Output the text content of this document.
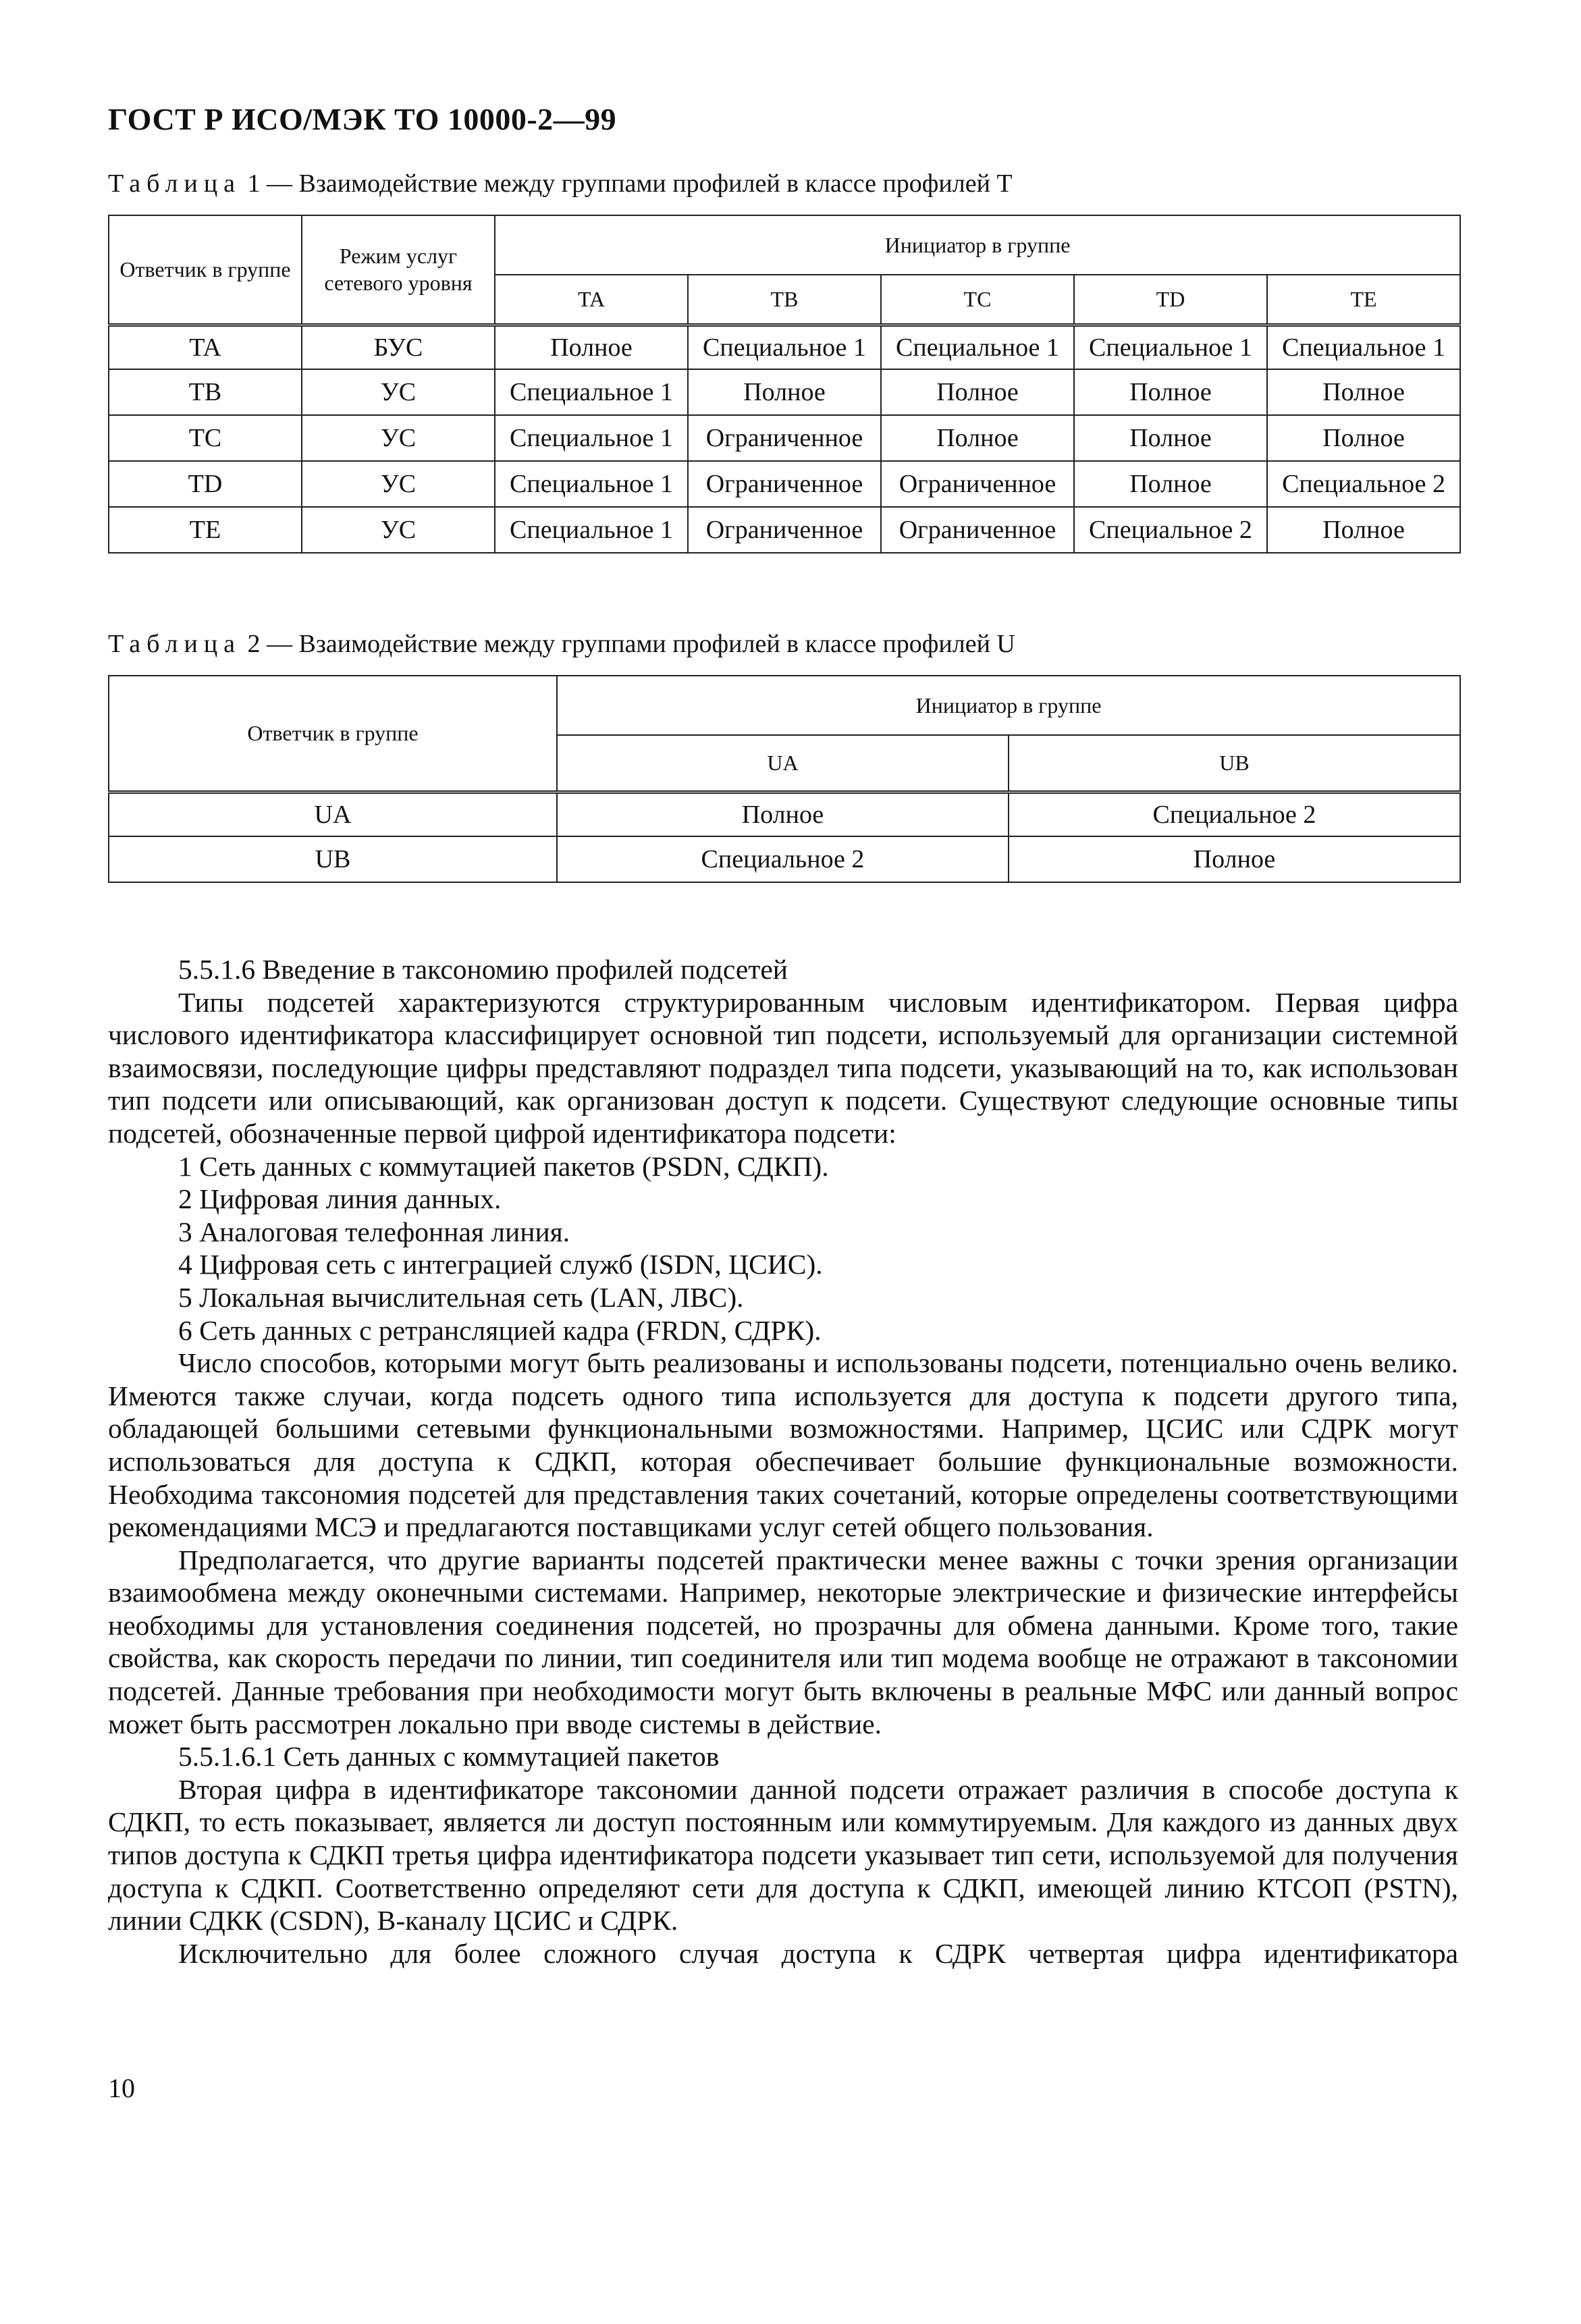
ГОСТ Р ИСО/МЭК ТО 10000-2—99
Таблица 1 — Взаимодействие между группами профилей в классе профилей T
Ответчик в группе	Режим услуг сетевого уровня	Инициатор в группе				
		TA	TB	TC	TD	TE
TA	БУС	Полное	Специальное 1	Специальное 1	Специальное 1	Специальное 1
TB	УС	Специальное 1	Полное	Полное	Полное	Полное
TC	УС	Специальное 1	Ограниченное	Полное	Полное	Полное
TD	УС	Специальное 1	Ограниченное	Ограниченное	Полное	Специальное 2
TE	УС	Специальное 1	Ограниченное	Ограниченное	Специальное 2	Полное
Таблица 2 — Взаимодействие между группами профилей в классе профилей U
Ответчик в группе	Инициатор в группе	
	UA	UB
UA	Полное	Специальное 2
UB	Специальное 2	Полное
5.5.1.6 Введение в таксономию профилей подсетей

Типы подсетей характеризуются структурированным числовым идентификатором. Первая цифра числового идентификатора классифицирует основной тип подсети, используемый для организации системной взаимосвязи, последующие цифры представляют подраздел типа подсети, указывающий на то, как использован тип подсети или описывающий, как организован доступ к подсети. Существуют следующие основные типы подсетей, обозначенные первой цифрой идентификатора подсети:

1 Сеть данных с коммутацией пакетов (PSDN, СДКП).
2 Цифровая линия данных.
3 Аналоговая телефонная линия.
4 Цифровая сеть с интеграцией служб (ISDN, ЦСИС).
5 Локальная вычислительная сеть (LAN, ЛВС).
6 Сеть данных с ретрансляцией кадра (FRDN, СДРК).

Число способов, которыми могут быть реализованы и использованы подсети, потенциально очень велико. Имеются также случаи, когда подсеть одного типа используется для доступа к подсети другого типа, обладающей большими сетевыми функциональными возможностями. Например, ЦСИС или СДРК могут использоваться для доступа к СДКП, которая обеспечивает большие функциональные возможности. Необходима таксономия подсетей для представления таких сочетаний, которые определены соответствующими рекомендациями МСЭ и предлагаются поставщиками услуг сетей общего пользования.

Предполагается, что другие варианты подсетей практически менее важны с точки зрения организации взаимообмена между оконечными системами. Например, некоторые электрические и физические интерфейсы необходимы для установления соединения подсетей, но прозрачны для обмена данными. Кроме того, такие свойства, как скорость передачи по линии, тип соединителя или тип модема вообще не отражают в таксономии подсетей. Данные требования при необходимости могут быть включены в реальные МФС или данный вопрос может быть рассмотрен локально при вводе системы в действие.

5.5.1.6.1 Сеть данных с коммутацией пакетов

Вторая цифра в идентификаторе таксономии данной подсети отражает различия в способе доступа к СДКП, то есть показывает, является ли доступ постоянным или коммутируемым. Для каждого из данных двух типов доступа к СДКП третья цифра идентификатора подсети указывает тип сети, используемой для получения доступа к СДКП. Соответственно определяют сети для доступа к СДКП, имеющей линию КТСОП (PSTN), линии СДКК (CSDN), В-каналу ЦСИС и СДРК.

Исключительно для более сложного случая доступа к СДРК четвертая цифра идентификатора

10
